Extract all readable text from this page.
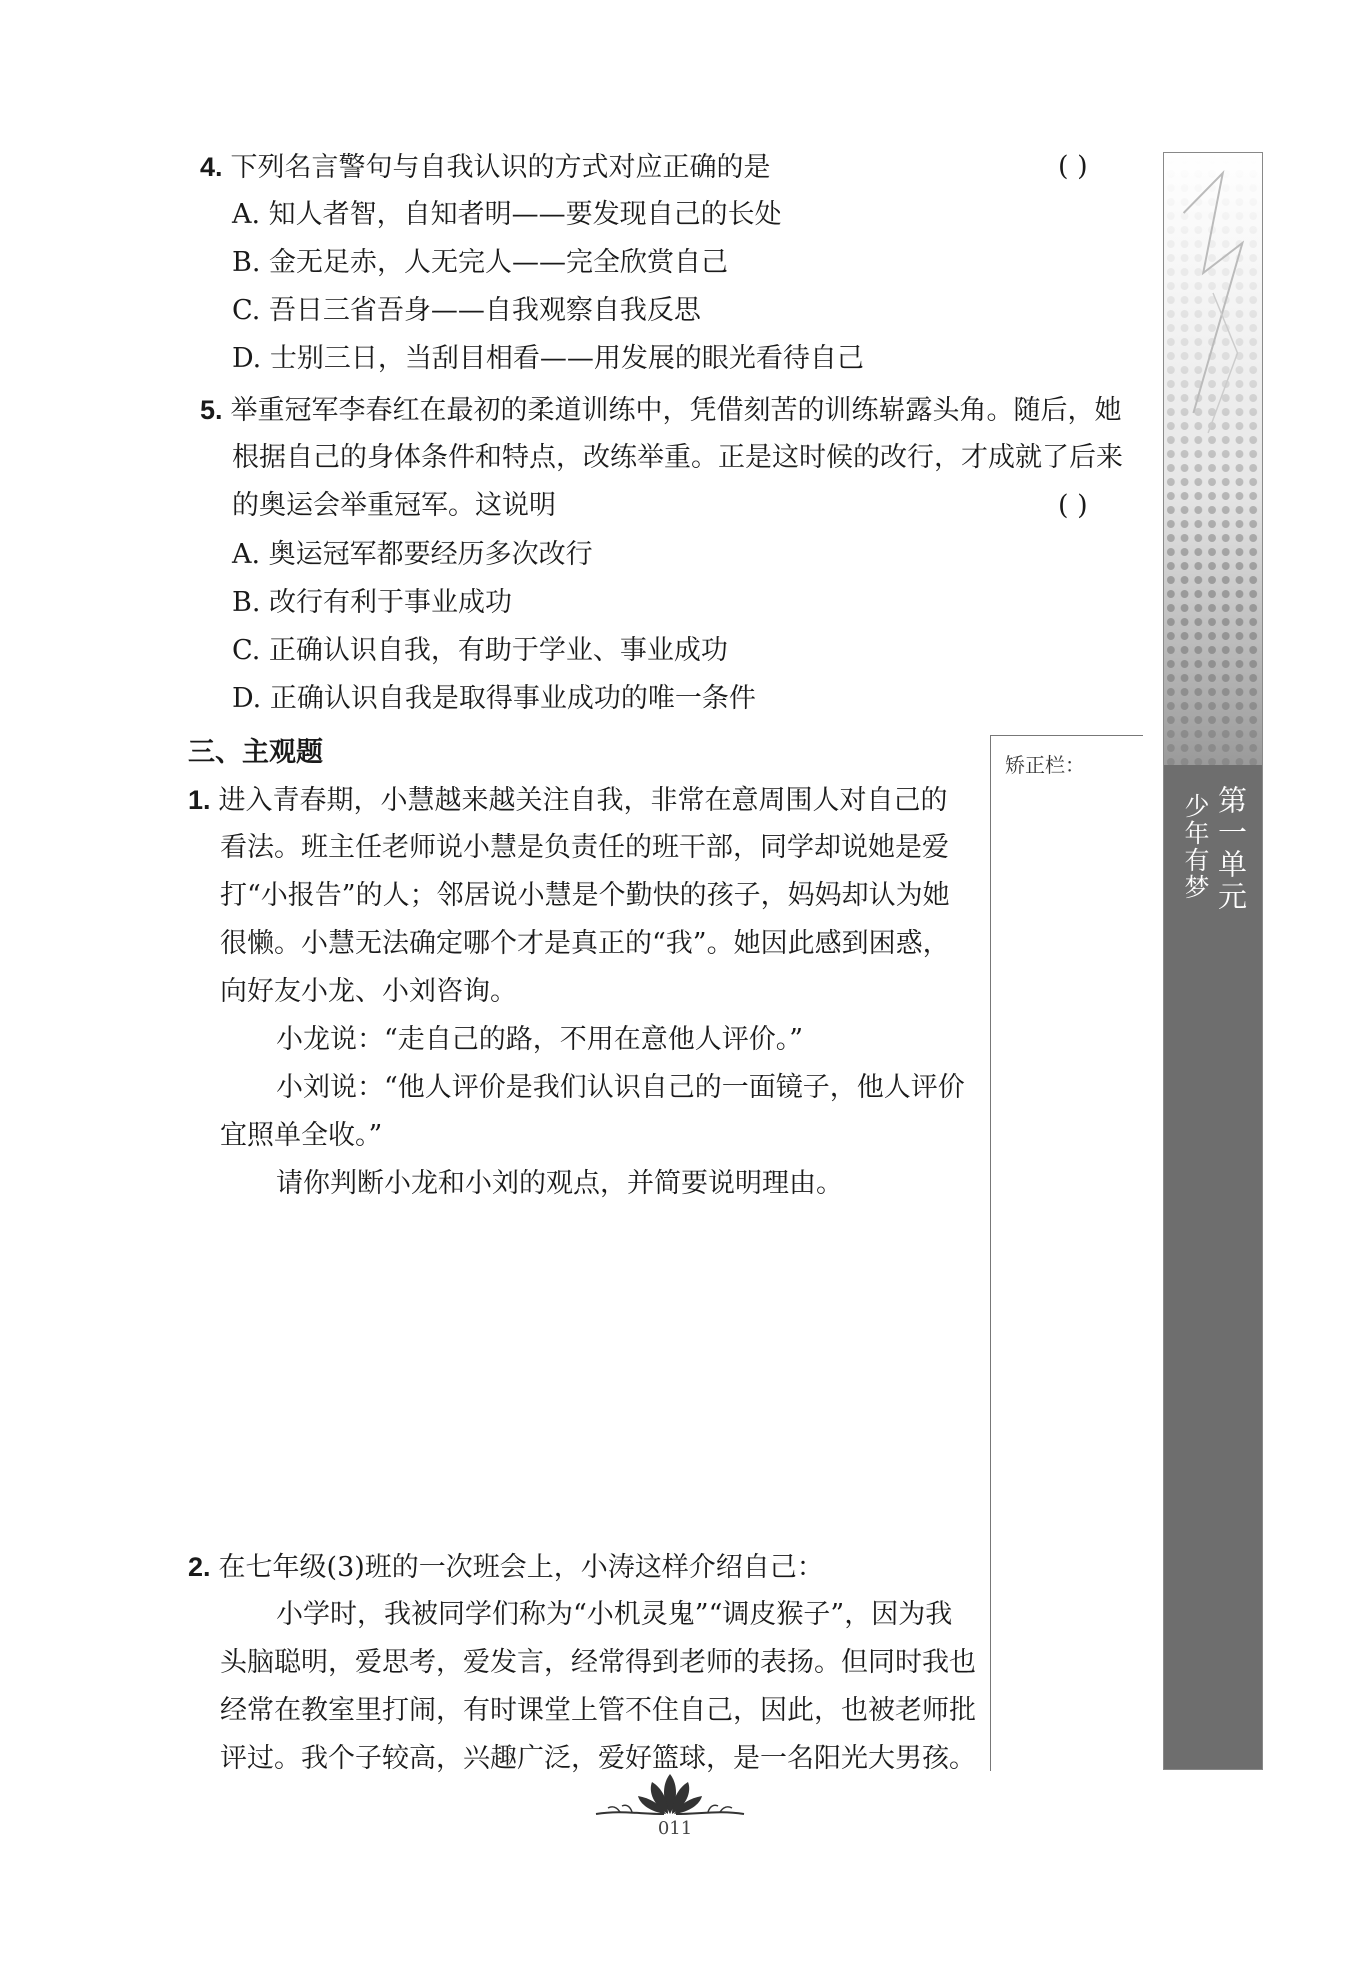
4. 下列名言警句与自我认识的方式对应正确的是	( )
A. 知人者智，自知者明——要发现自己的长处
B. 金无足赤，人无完人——完全欣赏自己
C. 吾日三省吾身——自我观察自我反思
D. 士别三日，当刮目相看——用发展的眼光看待自己
5. 举重冠军李春红在最初的柔道训练中，凭借刻苦的训练崭露头角。随后，她
根据自己的身体条件和特点，改练举重。正是这时候的改行，才成就了后来
的奥运会举重冠军。这说明	( )
A. 奥运冠军都要经历多次改行
B. 改行有利于事业成功
C. 正确认识自我，有助于学业、事业成功
D. 正确认识自我是取得事业成功的唯一条件
三、主观题
1. 进入青春期，小慧越来越关注自我，非常在意周围人对自己的
看法。班主任老师说小慧是负责任的班干部，同学却说她是爱
打“小报告”的人；邻居说小慧是个勤快的孩子，妈妈却认为她
很懒。小慧无法确定哪个才是真正的“我”。她因此感到困惑，
向好友小龙、小刘咨询。
小龙说：“走自己的路，不用在意他人评价。”
小刘说：“他人评价是我们认识自己的一面镜子，他人评价
宜照单全收。”
请你判断小龙和小刘的观点，并简要说明理由。
2. 在七年级(3)班的一次班会上，小涛这样介绍自己：
小学时，我被同学们称为“小机灵鬼”“调皮猴子”，因为我
头脑聪明，爱思考，爱发言，经常得到老师的表扬。但同时我也
经常在教室里打闹，有时课堂上管不住自己，因此，也被老师批
评过。我个子较高，兴趣广泛，爱好篮球，是一名阳光大男孩。
矫正栏：
第一单元
少年有梦
011
